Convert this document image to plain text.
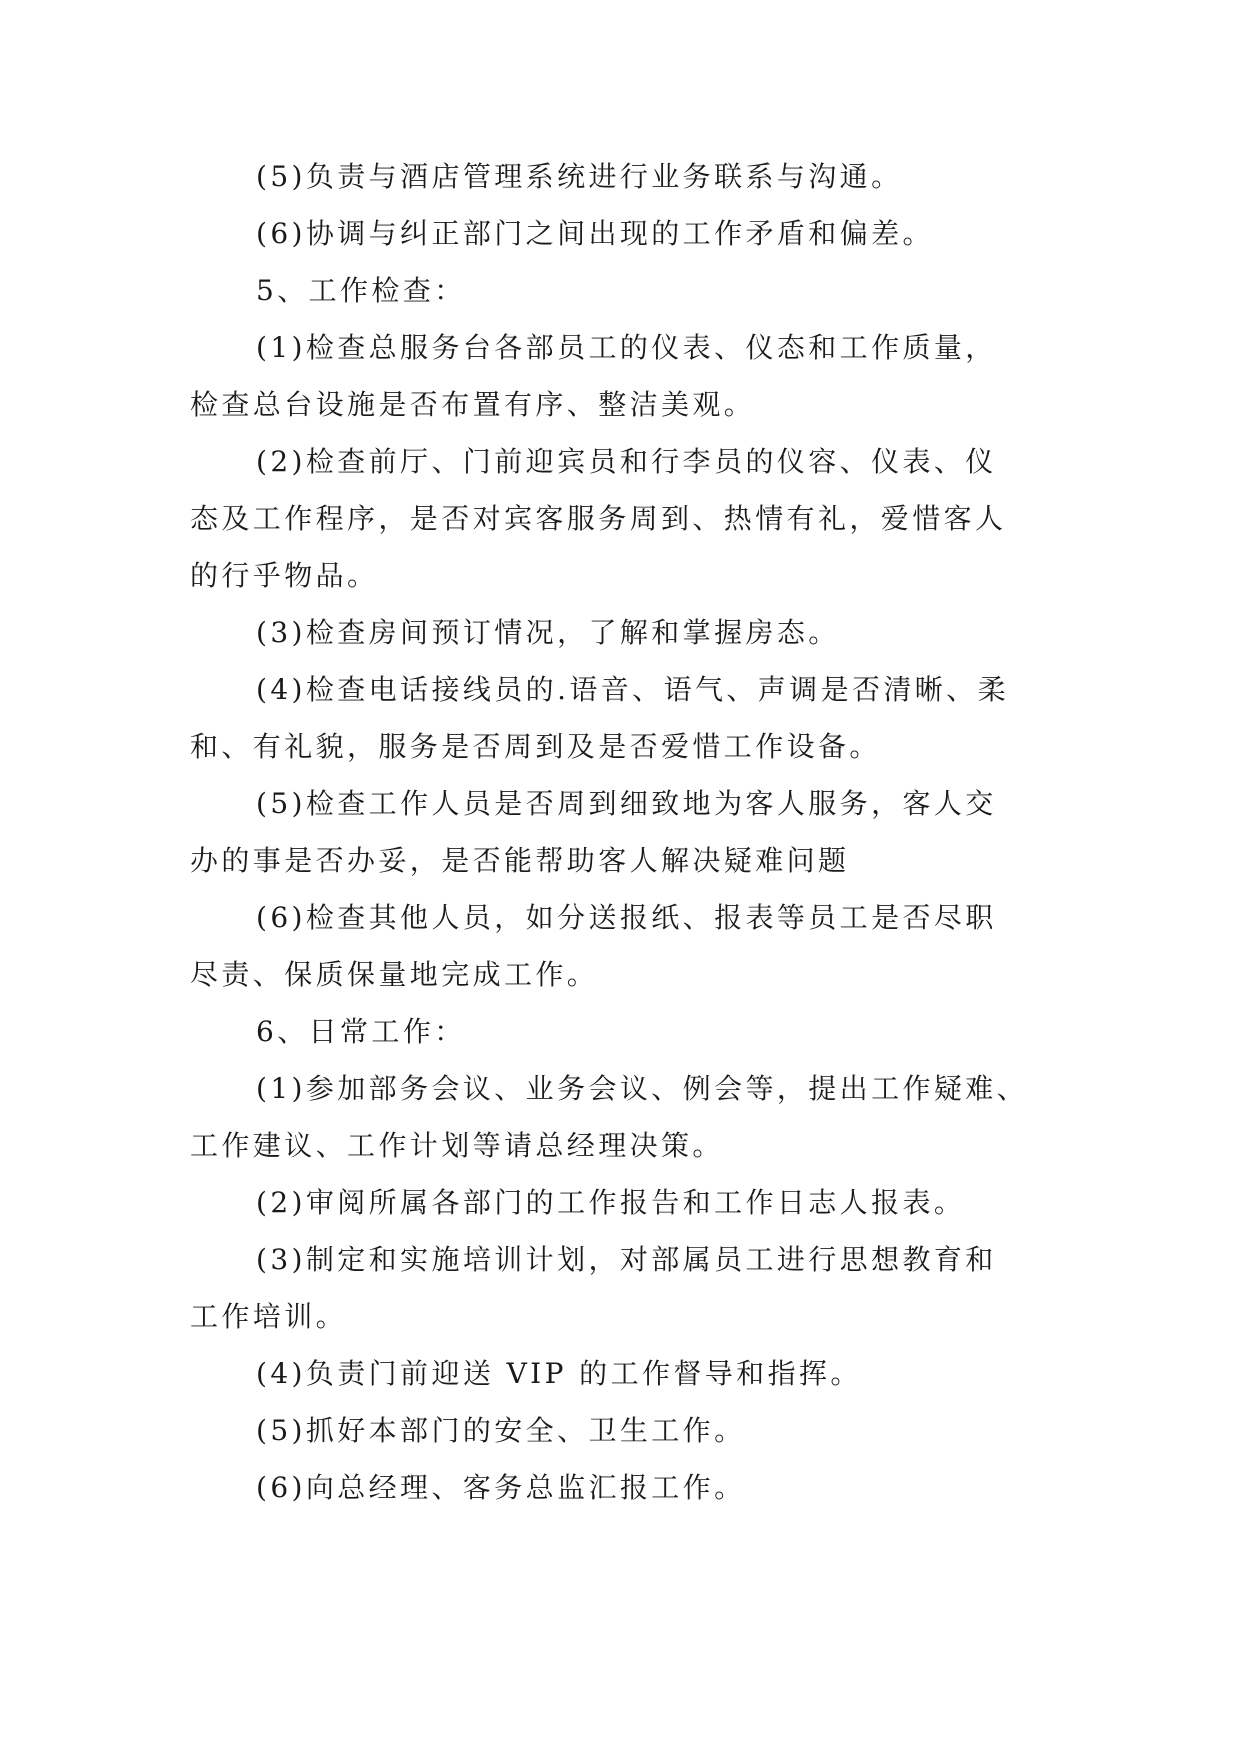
(5)负责与酒店管理系统进行业务联系与沟通。
(6)协调与纠正部门之间出现的工作矛盾和偏差。
5、工作检查：
(1)检查总服务台各部员工的仪表、仪态和工作质量，
检查总台设施是否布置有序、整洁美观。
(2)检查前厅、门前迎宾员和行李员的仪容、仪表、仪
态及工作程序，是否对宾客服务周到、热情有礼，爱惜客人
的行乎物品。
(3)检查房间预订情况，了解和掌握房态。
(4)检查电话接线员的.语音、语气、声调是否清晰、柔
和、有礼貌，服务是否周到及是否爱惜工作设备。
(5)检查工作人员是否周到细致地为客人服务，客人交
办的事是否办妥，是否能帮助客人解决疑难问题
(6)检查其他人员，如分送报纸、报表等员工是否尽职
尽责、保质保量地完成工作。
6、日常工作：
(1)参加部务会议、业务会议、例会等，提出工作疑难、
工作建议、工作计划等请总经理决策。
(2)审阅所属各部门的工作报告和工作日志人报表。
(3)制定和实施培训计划，对部属员工进行思想教育和
工作培训。
(4)负责门前迎送 VIP 的工作督导和指挥。
(5)抓好本部门的安全、卫生工作。
(6)向总经理、客务总监汇报工作。
